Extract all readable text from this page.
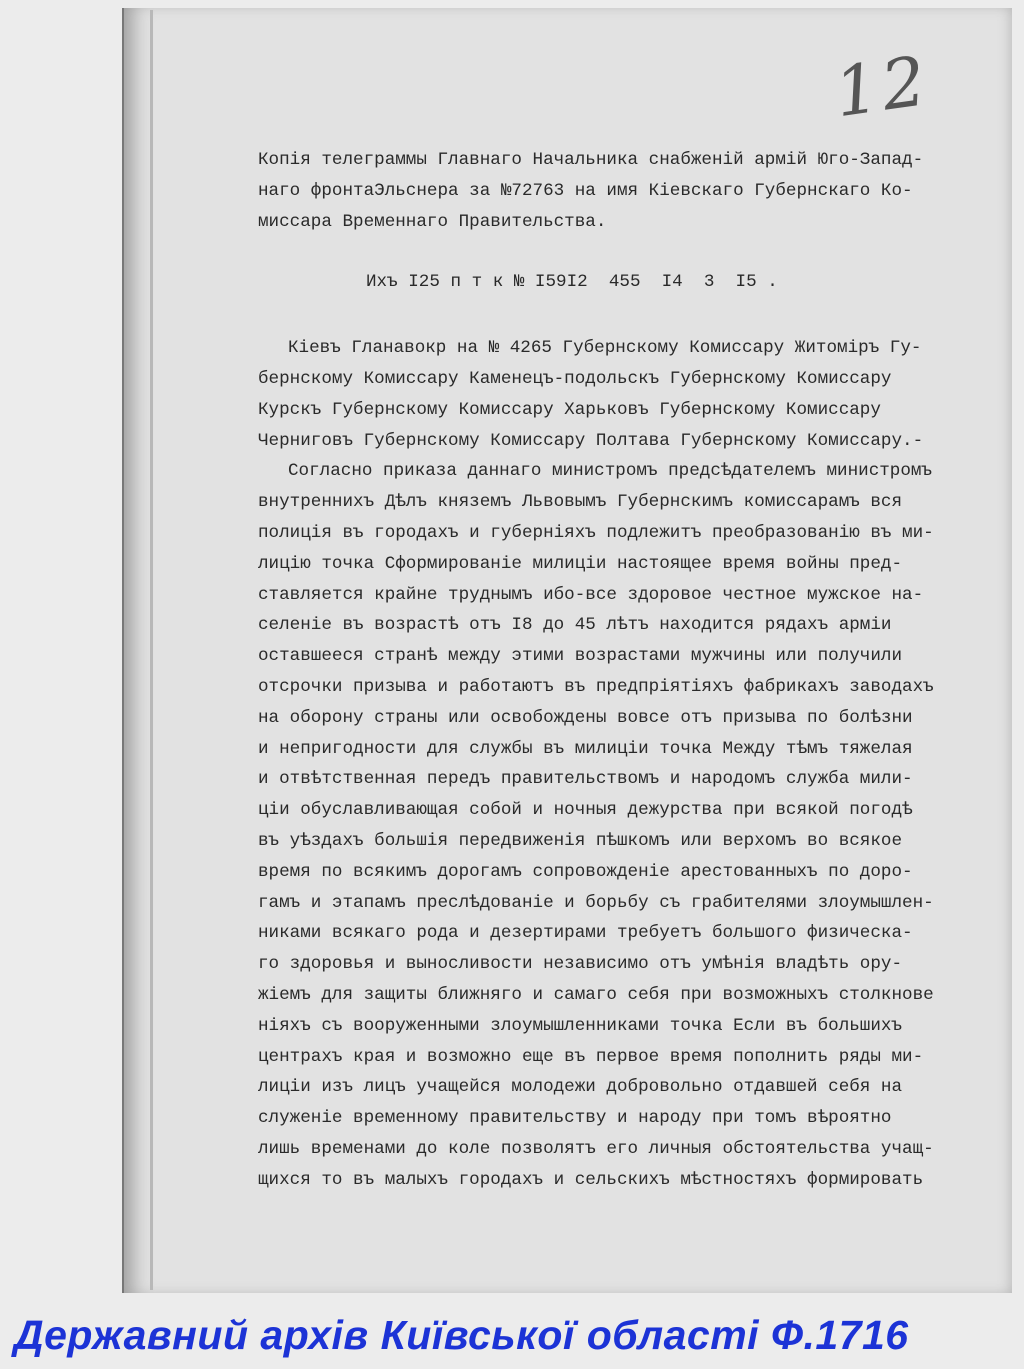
12
Копія телеграммы Главнаго Начальника снабженій армій Юго-Запад-
наго фронтаЭльснера за №72763 на имя Кіевскаго Губернскаго Ко-
миссара Временнаго Правительства.
Ихъ I25 п т к № I59I2  455  I4  3  I5 .
Кіевъ Гланавокр на № 4265 Губернскому Комиссару Житоміръ Гу-
бернскому Комиссару Каменецъ-подольскъ Губернскому Комиссару
Курскъ Губернскому Комиссару Харьковъ Губернскому Комиссару
Черниговъ Губернскому Комиссару Полтава Губернскому Комиссару.-
Согласно приказа даннаго министромъ предсѣдателемъ министромъ
внутреннихъ Дѣлъ княземъ Львовымъ Губернскимъ комиссарамъ вся
полиція въ городахъ и губерніяхъ подлежитъ преобразованію въ ми-
лицію точка Сформированіе милиціи настоящее время войны пред-
ставляется крайне труднымъ ибо-все здоровое честное мужское на-
селеніе въ возрастѣ отъ I8 до 45 лѣтъ находится рядахъ арміи
оставшееся странѣ между этими возрастами мужчины или получили
отсрочки призыва и работаютъ въ предпріятіяхъ фабрикахъ заводахъ
на оборону страны или освобождены вовсе отъ призыва по болѣзни
и непригодности для службы въ милиціи точка Между тѣмъ тяжелая
и отвѣтственная передъ правительствомъ и народомъ служба мили-
ціи обуславливающая собой и ночныя дежурства при всякой погодѣ
въ уѣздахъ большія передвиженія пѣшкомъ или верхомъ во всякое
время по всякимъ дорогамъ сопровожденіе арестованныхъ по доро-
гамъ и этапамъ преслѣдованіе и борьбу съ грабителями злоумышлен-
никами всякаго рода и дезертирами требуетъ большого физическа-
го здоровья и выносливости независимо отъ умѣнія владѣть ору-
жіемъ для защиты ближняго и самаго себя при возможныхъ столкнове
ніяхъ съ вооруженными злоумышленниками точка Если въ большихъ
центрахъ края и возможно еще въ первое время пополнить ряды ми-
лиціи изъ лицъ учащейся молодежи добровольно отдавшей себя на
служеніе временному правительству и народу при томъ вѣроятно
лишь временами до коле позволятъ его личныя обстоятельства учащ-
щихся то въ малыхъ городахъ и сельскихъ мѣстностяхъ формировать
Державний архів Київської області Ф.1716
